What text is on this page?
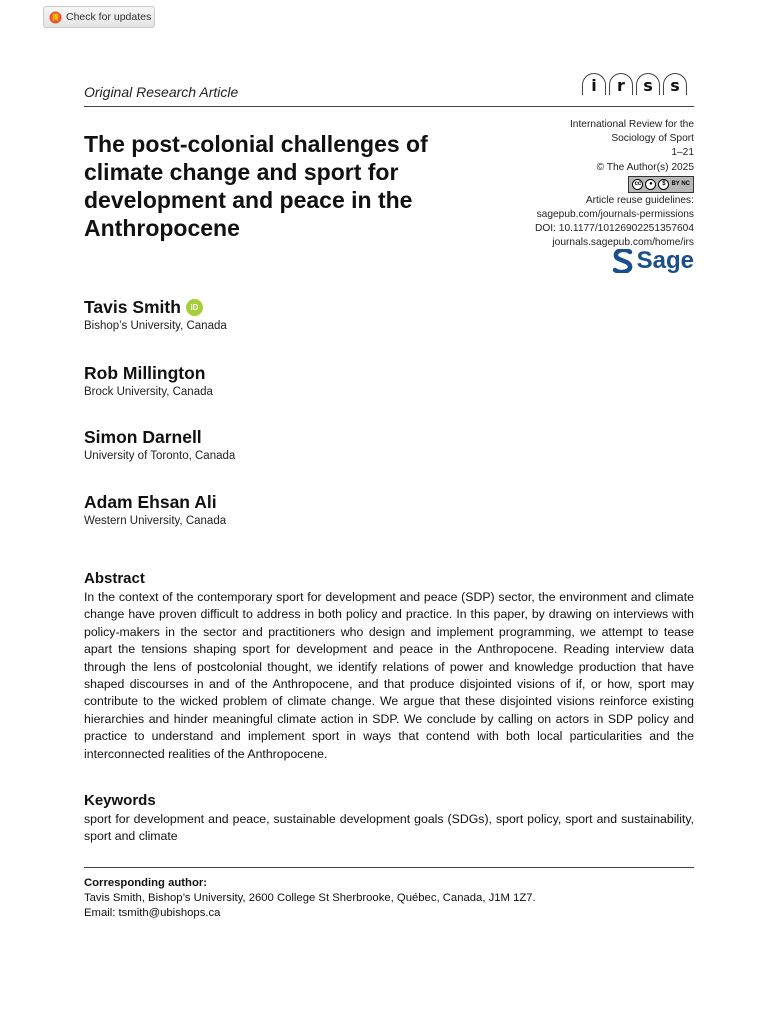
Check for updates
Original Research Article	i	r	s	s
The post-colonial challenges of climate change and sport for development and peace in the Anthropocene
International Review for the
Sociology of Sport
1–21
© The Author(s) 2025
cc	●	$ BY NC
Article reuse guidelines:
sagepub.com/journals-permissions
DOI: 10.1177/10126902251357604
journals.sagepub.com/home/irs
Sage
Tavis Smith	iD
Bishop’s University, Canada
Rob Millington
Brock University, Canada
Simon Darnell
University of Toronto, Canada
Adam Ehsan Ali
Western University, Canada
Abstract

In the context of the contemporary sport for development and peace (SDP) sector, the environment and climate change have proven difficult to address in both policy and practice. In this paper, by drawing on interviews with policy-makers in the sector and practitioners who design and implement programming, we attempt to tease apart the tensions shaping sport for development and peace in the Anthropocene. Reading interview data through the lens of postcolonial thought, we identify relations of power and knowledge production that have shaped discourses in and of the Anthropocene, and that produce disjointed visions of if, or how, sport may contribute to the wicked problem of climate change. We argue that these disjointed visions reinforce existing hierarchies and hinder meaningful climate action in SDP. We conclude by calling on actors in SDP policy and practice to understand and implement sport in ways that contend with both local particularities and the interconnected realities of the Anthropocene.

Keywords

sport for development and peace, sustainable development goals (SDGs), sport policy, sport and sustainability, sport and climate

Corresponding author:
Tavis Smith, Bishop’s University, 2600 College St Sherbrooke, Québec, Canada, J1M 1Z7.
Email: tsmith@ubishops.ca
